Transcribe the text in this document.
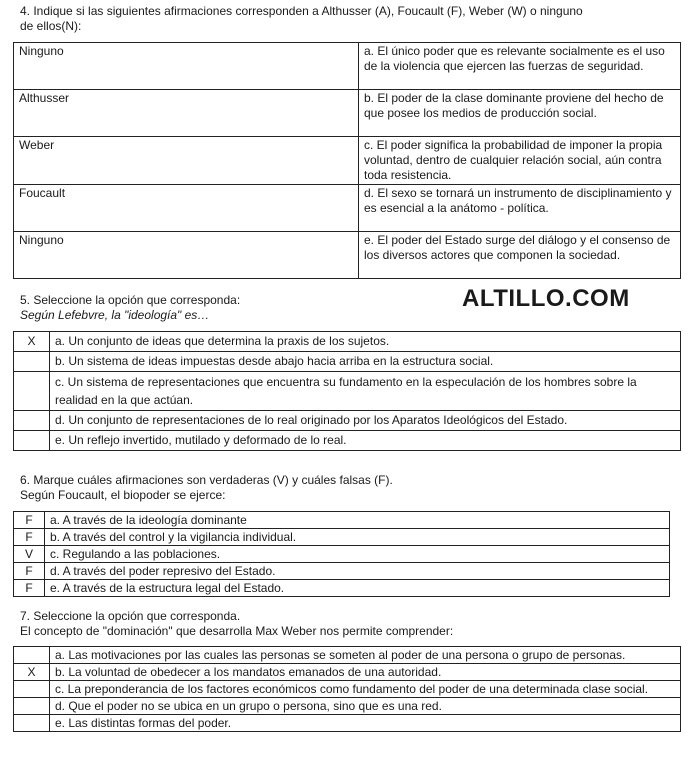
4. Indique si las siguientes afirmaciones corresponden a Althusser (A), Foucault (F), Weber (W) o ninguno
de ellos(N):
Ninguno	a. El único poder que es relevante socialmente es el uso de la violencia que ejercen las fuerzas de seguridad.
Althusser	b. El poder de la clase dominante proviene del hecho de que posee los medios de producción social.
Weber	c. El poder significa la probabilidad de imponer la propia voluntad, dentro de cualquier relación social, aún contra toda resistencia.
Foucault	d. El sexo se tornará un instrumento de disciplinamiento y es esencial a la anátomo - política.
Ninguno	e. El poder del Estado surge del diálogo y el consenso de los diversos actores que componen la sociedad.
5. Seleccione la opción que corresponda:
Según Lefebvre, la "ideología" es…
ALTILLO.COM
X	a. Un conjunto de ideas que determina la praxis de los sujetos.
	b. Un sistema de ideas impuestas desde abajo hacia arriba en la estructura social.
	c. Un sistema de representaciones que encuentra su fundamento en la especulación de los hombres sobre la realidad en la que actúan.
	d. Un conjunto de representaciones de lo real originado por los Aparatos Ideológicos del Estado.
	e. Un reflejo invertido, mutilado y deformado de lo real.
6. Marque cuáles afirmaciones son verdaderas (V) y cuáles falsas (F).
Según Foucault, el biopoder se ejerce:
F	a. A través de la ideología dominante
F	b. A través del control y la vigilancia individual.
V	c. Regulando a las poblaciones.
F	d. A través del poder represivo del Estado.
F	e. A través de la estructura legal del Estado.
7. Seleccione la opción que corresponda.
El concepto de "dominación" que desarrolla Max Weber nos permite comprender:
	a. Las motivaciones por las cuales las personas se someten al poder de una persona o grupo de personas.
X	b. La voluntad de obedecer a los mandatos emanados de una autoridad.
	c. La preponderancia de los factores económicos como fundamento del poder de una determinada clase social.
	d. Que el poder no se ubica en un grupo o persona, sino que es una red.
	e. Las distintas formas del poder.
